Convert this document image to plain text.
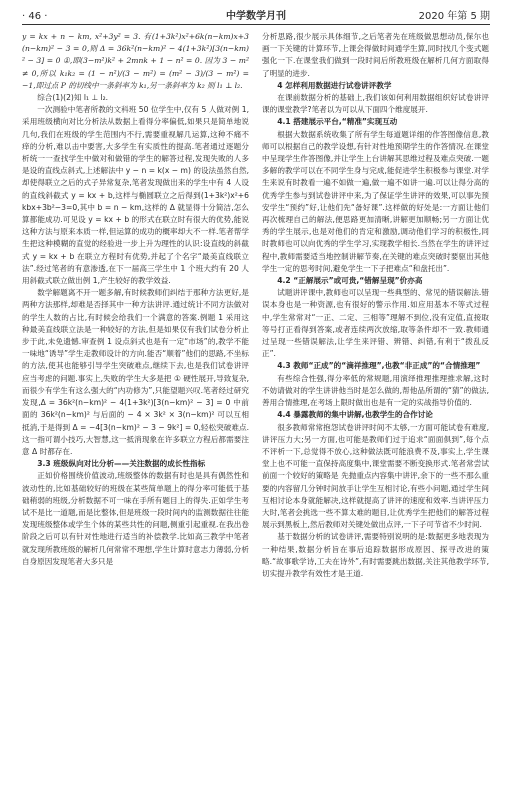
· 46 ·	中学数学月刊	2020 年第 5 期

y = kx + n − km, x²+3y² = 3. 有(1+3k²)x²+6k(n−km)x+3(n−km)² − 3 = 0,则 Δ = 36k²(n−km)² − 4(1+3k²)[3(n−km)² − 3] = 0 ①,即(3−m²)k² + 2mnk + 1 − n² = 0. 因为 3 − m² ≠ 0,所以 k₁k₂ = (1 − n²)/(3 − m²) = (m² − 3)/(3 − m²) = −1,即过点 P 的切线中一条斜率为 k₁,另一条斜率为 k₂ 则 l₁ ⊥ l₂.

综合(1)(2)知 l₁ ⊥ l₂.

一次测验中笔者所教的文科班 50 位学生中,仅有 5 人做对例 1,采用班级横向对比分析法从数据上看得分率偏低,如果只是简单地说几句,我们在班级的学生范围内不行,需要重视解几运算,这种不痛不痒的分析,难以击中要害,大多学生有实质性的提高.笔者通过逐题分析统一一查找学生中做对和做错的学生的解答过程,发现失败的人多是设的直线点斜式,上述解法中 y − n = k(x − m) 的设法虽然自然,却使得联立之后的式子异常复杂,笔者发现做出来的学生中有 4 人设的直线斜截式 y = kx + b,这样与椭圆联立之后得到(1+3k²)x²+6kbx+3b²−3=0,其中 b = n − km,这样的 Δ 就显得十分简洁,怎么算都能成功.可见设 y = kx + b 的形式在联立时有很大的优势,能说这种方法与原来本质一样,但运算的成功的概率却大不一样.笔者帮学生把这种模糊的直觉的经验进一步上升为理性的认识:设直线的斜截式 y = kx + b 在联立方程时有优势,并起了个名字“最美直线联立法”.经过笔者的有意渗透,在下一届高三学生中 1 个班大约有 20 人用斜截式联立做出例 1,产生较好的教学效益.

数学解题离不开一题多解,有时候教师们纠结于那种方法更好,是两种方法那样,却难是否择其中一种方法讲评.通过统计不同方法做对的学生人数的占比,有时候会给我们一个满意的答案.例题 1 采用这种最美直线联立法是一种较好的方法,但是如果仅有我们试卷分析止步于此,未免遗憾.审查例 1 设点斜式也是有一定“市场”的,教学不能一味地“诱导”学生走教师设计的方向.能否“顺着”他们的思路,不坐标的方法,使其也能够引导学生突破难点,继续下去,也是我们试卷讲评应当考虑的问题.事实上,失败的学生大多是把 ① 硬性展开,导致复杂,而很少有学生有这么强大的“内功修为”,只能望题兴叹.笔者经过研究发现,Δ = 36k²(n−km)² − 4(1+3k²)[3(n−km)² − 3] = 0 中前面的 36k²(n−km)² 与后面的 − 4 × 3k² × 3(n−km)² 可以互相抵消,于是得到 Δ = −4[3(n−km)² − 3 − 9k²] = 0,轻松突破难点.这一指可谓小技巧,大智慧,这一抵消现象在许多联立方程后都需要注意 Δ 时都存在.

3.3 班级纵向对比分析——关注数据的成长性指标

正如价格围绕价值波动,班级整体的数据有时也是具有偶然性和波动性的,比如基础较好的班级在某些简单题上的得分率可能低于基础稍弱的班级,分析数据不可一味在手所有题目上的得失.正如学生考试不是比一道题,而是比整体,但是班级一段时间内的监测数据往往能发现班级整体或学生个体的某些共性的问题,侧重引起重视.在我出卷阶段之后可以有针对性地进行适当的补偿教学.比如高三教学中笔者就发现所教班级的解析几何常常不理想,学生计算时意志力薄弱,分析自身原因发现笔者大多只是

分析思路,很少展示具体细节,之后笔者先在班级做思想动员,保尔也画一下关键的计算环节,上课会得做时间通学生算,同时找几个变式题强化一下.在课堂我们做到一段时间后所教班级在解析几何方面取得了明显的进步.

4 怎样利用数据进行试卷讲评教学

在课前数据分析的基础上,我们该如何利用数据组织好试卷讲评课的课堂教学?笔者以为可以从下面四个维度展开.

4.1 搭建展示平台,“精准”实现互动

根据大数据系统收集了所有学生每道题详细的作答图像信息,教师可以根据自己的教学设想,有针对性地预期学生的作答情况.在课堂中呈现学生作答图像,并让学生上台讲解其思维过程及难点突破.一题多解的教学可以在不同学生身与完成,能促进学生积极参与课堂.对学生来说有时教看一遍不如做一遍,做一遍不如讲一遍.可以让得分高的优秀学生参与到试卷讲评中来,为了保证学生讲评的效果,可以事先预安学生“预约”好,让他们先“备好课”.这样做的好处是:一方面让他们再次梳理自己的解法,便思路更加清晰,讲解更加顺畅;另一方面让优秀的学生展示,也是对他们的肯定和激励,调动他们学习的积极性,同时教师也可以向优秀的学生学习,实现教学相长.当然在学生的讲评过程中,教师需要适当地控制讲解节奏,在关键的难点突破时要驱出其他学生一定的思考时间,避免学生一下子把难点“和盘托出”.

4.2 “正解展示”或可贵,“错解呈现”价亦高

试题讲评课中,教师也可以呈现一些典型的、常见的错误解法.错误本身也是一种资源,也有很好的警示作用.如应用基本不等式过程中,学生常常对“一正、二定、三相等”理解不到位,没有定值,直接取等号打正看得到答案,或者连续两次放缩,取等条件却不一致.教师通过呈现一些错误解法,让学生来评错、辨错、纠错,有利于“拨乱反正”.

4.3 教师“正成”的“滴祥推理”,也教“非正成”的“合情推理”

有些综合性强,得分率低的常规题,用演绎推理推理推求解,这时不妨请做对的学生讲讲他当时是怎么做的,帮他品所谓的“猜”的做法,善用合情推理,在考场上限时做出也是有一定的实战指导价值的.

4.4 暴露教师的集中讲解,也教学生的合作讨论

很多教师常常抱怨试卷讲评时间不太够,一方面可能试卷有难度,讲评压力大;另一方面,也可能是教师们过于追求“面面俱到”,每个点不评析一下,总觉得不放心,这种做法既可能浪费不及,事实上,学生课堂上也不可能一直保持高度集中,课堂需要不断变换形式.笔者常尝试前面一个较好的策略是 先抛重点内容集中讲评,余下的一些不那么重要的内容留几分钟时间放手让学生互相讨论,有些小问题,通过学生间互相讨论本身就能解决,这样就提高了讲评的速度和效率.当讲评压力大时,笔者会挑选一些不算太难的题目,让优秀学生把他们的解答过程展示到黑板上,然后教师对关键处做出点评,一下子可节省不少时间.

基于数据分析的试卷讲评,需要特别说明的是:数据更多地表现为一种结果,数据分析旨在事后追踪数据形成原因、探寻改进的策略.“故事歌学诗,工夫在诗外”,有时需要跳出数据,关注其他教学环节,切实提升教学有效性才是王道.
